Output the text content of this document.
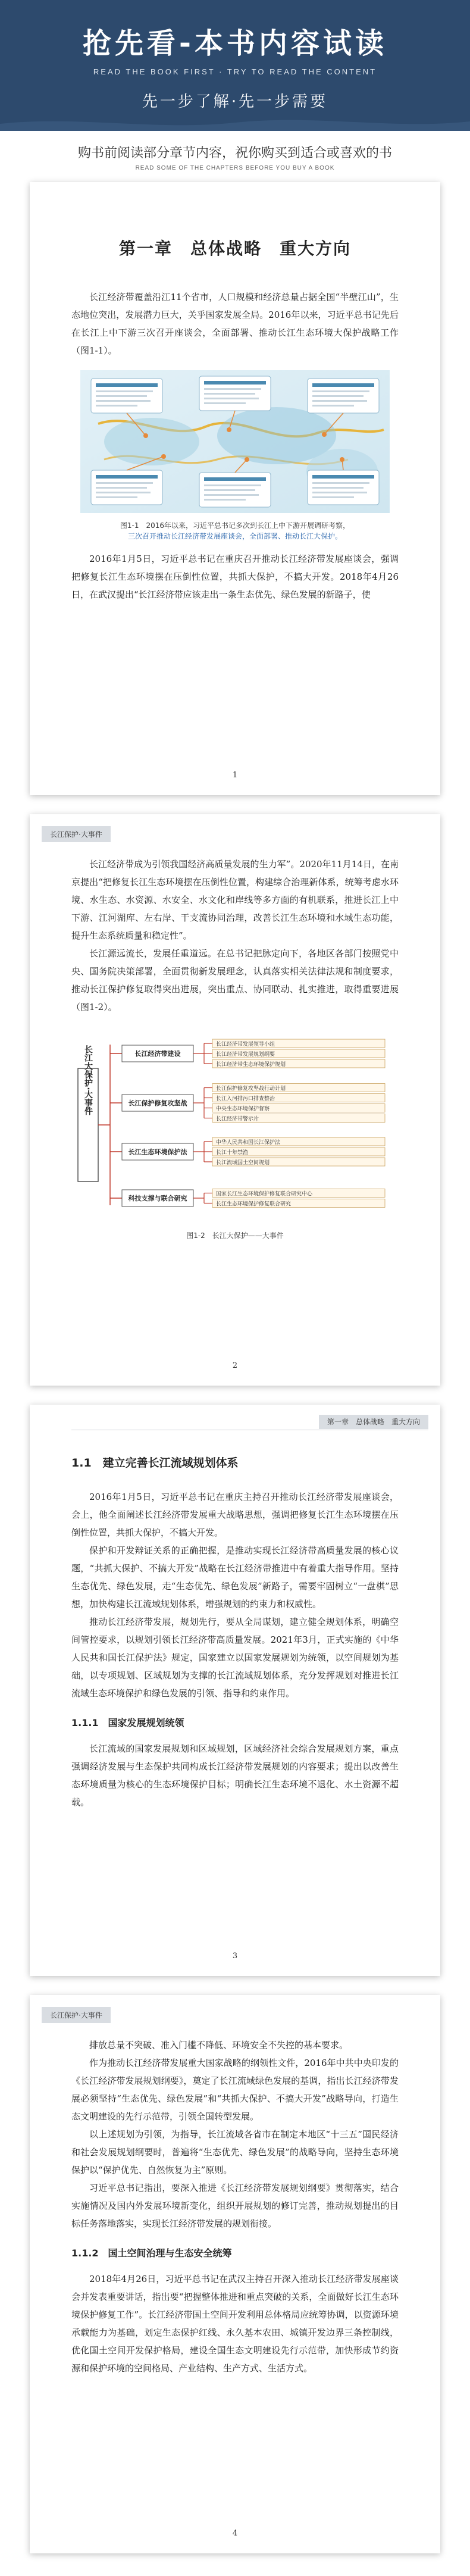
抢先看-本书内容试读
READ THE BOOK FIRST · TRY TO READ THE CONTENT
先一步了解·先一步需要
购书前阅读部分章节内容，祝你购买到适合或喜欢的书
READ SOME OF THE CHAPTERS BEFORE YOU BUY A BOOK
第一章　总体战略　重大方向

长江经济带覆盖沿江11个省市，人口规模和经济总量占据全国“半壁江山”，生态地位突出，发展潜力巨大，关乎国家发展全局。2016年以来，习近平总书记先后在长江上中下游三次召开座谈会，全面部署、推动长江生态环境大保护战略工作（图1-1）。

图1-1　2016年以来，习近平总书记多次到长江上中下游开展调研考察，
三次召开推动长江经济带发展座谈会，全面部署、推动长江大保护。

2016年1月5日，习近平总书记在重庆召开推动长江经济带发展座谈会，强调把修复长江生态环境摆在压倒性位置，共抓大保护，不搞大开发。2018年4月26日，在武汉提出“长江经济带应该走出一条生态优先、绿色发展的新路子，使

1
长江保护·大事件

长江经济带成为引领我国经济高质量发展的生力军”。2020年11月14日，在南京提出“把修复长江生态环境摆在压倒性位置，构建综合治理新体系，统筹考虑水环境、水生态、水资源、水安全、水文化和岸线等多方面的有机联系，推进长江上中下游、江河湖库、左右岸、干支流协同治理，改善长江生态环境和水域生态功能，提升生态系统质量和稳定性”。

长江源远流长，发展任重道远。在总书记把脉定向下，各地区各部门按照党中央、国务院决策部署，全面贯彻新发展理念，认真落实相关法律法规和制度要求，推动长江保护修复取得突出进展，突出重点、协同联动、扎实推进，取得重要进展（图1-2）。

长江大保护·大事件	长江经济带建设
长江经济带发展领导小组
长江经济带发展规划纲要
长江经济带生态环境保护规划
长江保护修复攻坚战
长江保护修复攻坚战行动计划
长江入河排污口排查整治
中央生态环境保护督察
长江经济带警示片
长江生态环境保护法
中华人民共和国长江保护法
长江十年禁渔
长江流域国土空间规划
科技支撑与联合研究
国家长江生态环境保护修复联合研究中心
长江生态环境保护修复联合研究
图1-2　长江大保护——大事件
2
第一章　总体战略　重大方向
1.1　建立完善长江流域规划体系

2016年1月5日，习近平总书记在重庆主持召开推动长江经济带发展座谈会，会上，他全面阐述长江经济带发展重大战略思想，强调把修复长江生态环境摆在压倒性位置，共抓大保护，不搞大开发。

保护和开发辩证关系的正确把握，是推动实现长江经济带高质量发展的核心议题，“共抓大保护、不搞大开发”战略在长江经济带推进中有着重大指导作用。坚持生态优先、绿色发展，走“生态优先、绿色发展”新路子，需要牢固树立“一盘棋”思想，加快构建长江流域规划体系，增强规划的约束力和权威性。

推动长江经济带发展，规划先行，要从全局谋划，建立健全规划体系，明确空间管控要求，以规划引领长江经济带高质量发展。2021年3月，正式实施的《中华人民共和国长江保护法》规定，国家建立以国家发展规划为统领，以空间规划为基础，以专项规划、区域规划为支撑的长江流域规划体系，充分发挥规划对推进长江流域生态环境保护和绿色发展的引领、指导和约束作用。

1.1.1　国家发展规划统领

长江流域的国家发展规划和区域规划，区域经济社会综合发展规划方案，重点强调经济发展与生态保护共同构成长江经济带发展规划的内容要求；提出以改善生态环境质量为核心的生态环境保护目标；明确长江生态环境不退化、水土资源不超载。

3
长江保护·大事件

排放总量不突破、准入门槛不降低、环境安全不失控的基本要求。

作为推动长江经济带发展重大国家战略的纲领性文件，2016年中共中央印发的《长江经济带发展规划纲要》，奠定了长江流域绿色发展的基调，指出长江经济带发展必须坚持“生态优先、绿色发展”和“共抓大保护、不搞大开发”战略导向，打造生态文明建设的先行示范带，引领全国转型发展。

以上述规划为引领，为指导，长江流域各省市在制定本地区“十三五”国民经济和社会发展规划纲要时，普遍将“生态优先、绿色发展”的战略导向，坚持生态环境保护以“保护优先、自然恢复为主”原则。

习近平总书记指出，要深入推进《长江经济带发展规划纲要》贯彻落实，结合实施情况及国内外发展环境新变化，组织开展规划的修订完善，推动规划提出的目标任务落地落实，实现长江经济带发展的规划衔接。

1.1.2　国土空间治理与生态安全统筹

2018年4月26日，习近平总书记在武汉主持召开深入推动长江经济带发展座谈会并发表重要讲话，指出要“把握整体推进和重点突破的关系，全面做好长江生态环境保护修复工作”。长江经济带国土空间开发利用总体格局应统筹协调，以资源环境承载能力为基础，划定生态保护红线、永久基本农田、城镇开发边界三条控制线，优化国土空间开发保护格局，建设全国生态文明建设先行示范带，加快形成节约资源和保护环境的空间格局、产业结构、生产方式、生活方式。

4
